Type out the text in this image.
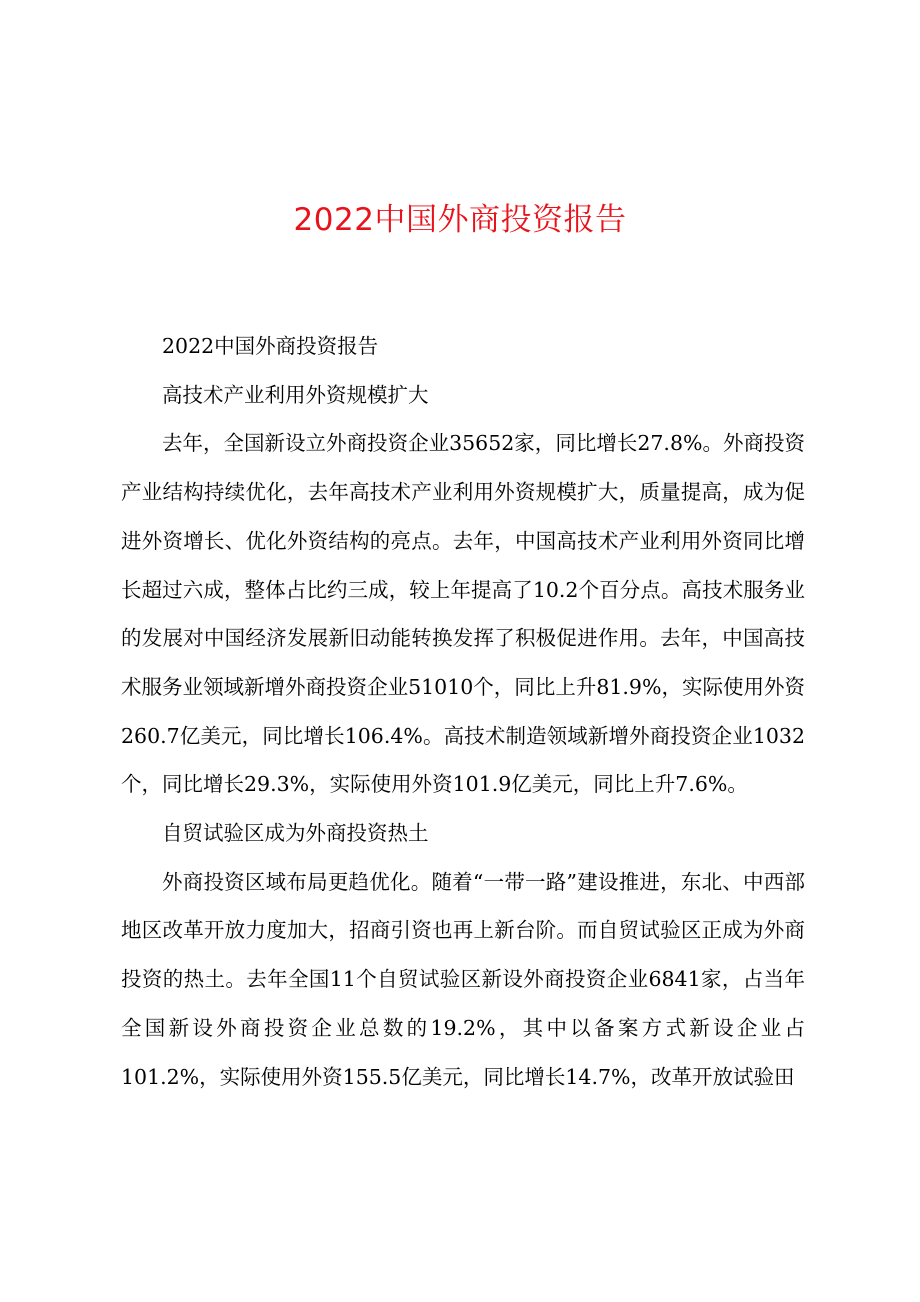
2022中国外商投资报告

2022中国外商投资报告

高技术产业利用外资规模扩大

去年，全国新设立外商投资企业35652家，同比增长27.8%。外商投资产业结构持续优化，去年高技术产业利用外资规模扩大，质量提高，成为促进外资增长、优化外资结构的亮点。去年，中国高技术产业利用外资同比增长超过六成，整体占比约三成，较上年提高了10.2个百分点。高技术服务业的发展对中国经济发展新旧动能转换发挥了积极促进作用。去年，中国高技术服务业领域新增外商投资企业51010个，同比上升81.9%，实际使用外资260.7亿美元，同比增长106.4%。高技术制造领域新增外商投资企业1032个，同比增长29.3%，实际使用外资101.9亿美元，同比上升7.6%。

自贸试验区成为外商投资热土

外商投资区域布局更趋优化。随着“一带一路”建设推进，东北、中西部地区改革开放力度加大，招商引资也再上新台阶。而自贸试验区正成为外商投资的热土。去年全国11个自贸试验区新设外商投资企业6841家，占当年全国新设外商投资企业总数的19.2%，其中以备案方式新设企业占101.2%，实际使用外资155.5亿美元，同比增长14.7%，改革开放试验田
